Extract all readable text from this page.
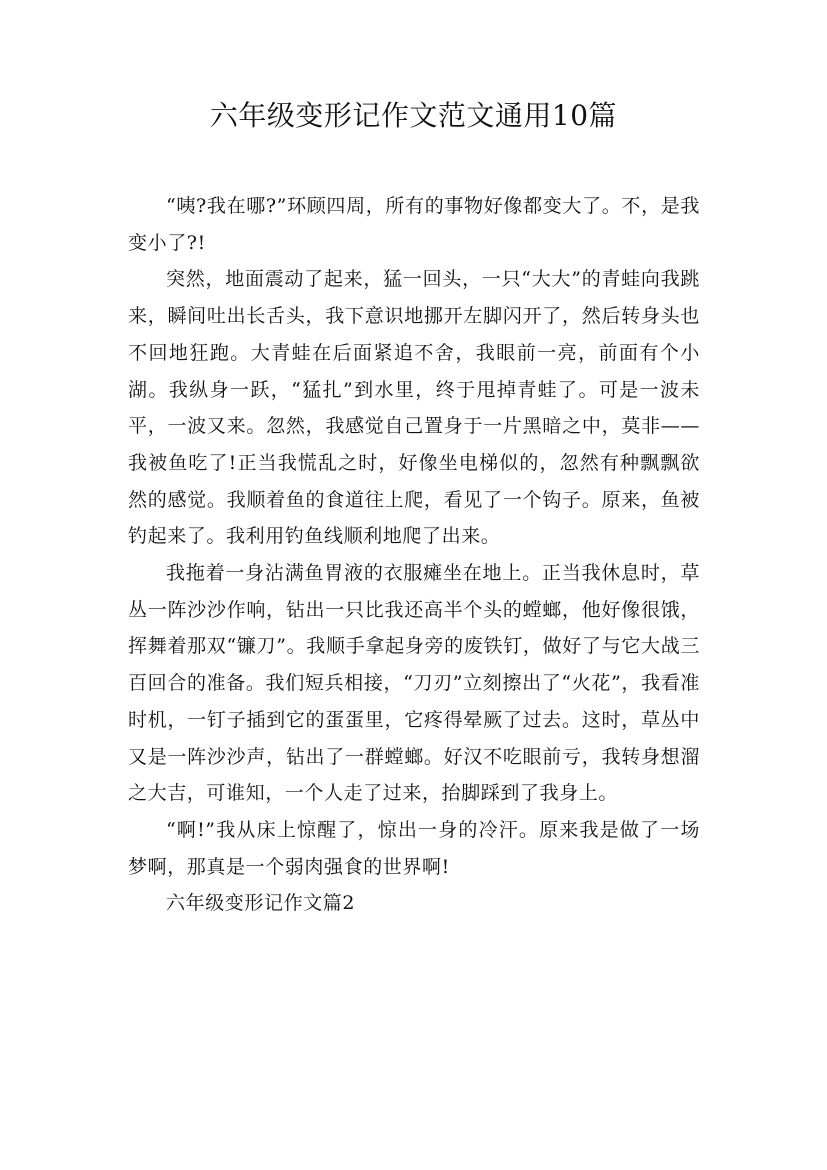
六年级变形记作文范文通用10篇

“咦?我在哪?”环顾四周，所有的事物好像都变大了。不，是我变小了?!

突然，地面震动了起来，猛一回头，一只“大大”的青蛙向我跳来，瞬间吐出长舌头，我下意识地挪开左脚闪开了，然后转身头也不回地狂跑。大青蛙在后面紧追不舍，我眼前一亮，前面有个小湖。我纵身一跃，“猛扎”到水里，终于甩掉青蛙了。可是一波未平，一波又来。忽然，我感觉自己置身于一片黑暗之中，莫非——我被鱼吃了!正当我慌乱之时，好像坐电梯似的，忽然有种飘飘欲然的感觉。我顺着鱼的食道往上爬，看见了一个钩子。原来，鱼被钓起来了。我利用钓鱼线顺利地爬了出来。

我拖着一身沾满鱼胃液的衣服瘫坐在地上。正当我休息时，草丛一阵沙沙作响，钻出一只比我还高半个头的螳螂，他好像很饿，挥舞着那双“镰刀”。我顺手拿起身旁的废铁钉，做好了与它大战三百回合的准备。我们短兵相接，“刀刃”立刻擦出了“火花”，我看准时机，一钉子插到它的蛋蛋里，它疼得晕厥了过去。这时，草丛中又是一阵沙沙声，钻出了一群螳螂。好汉不吃眼前亏，我转身想溜之大吉，可谁知，一个人走了过来，抬脚踩到了我身上。

“啊!”我从床上惊醒了，惊出一身的冷汗。原来我是做了一场梦啊，那真是一个弱肉强食的世界啊!

六年级变形记作文篇2
